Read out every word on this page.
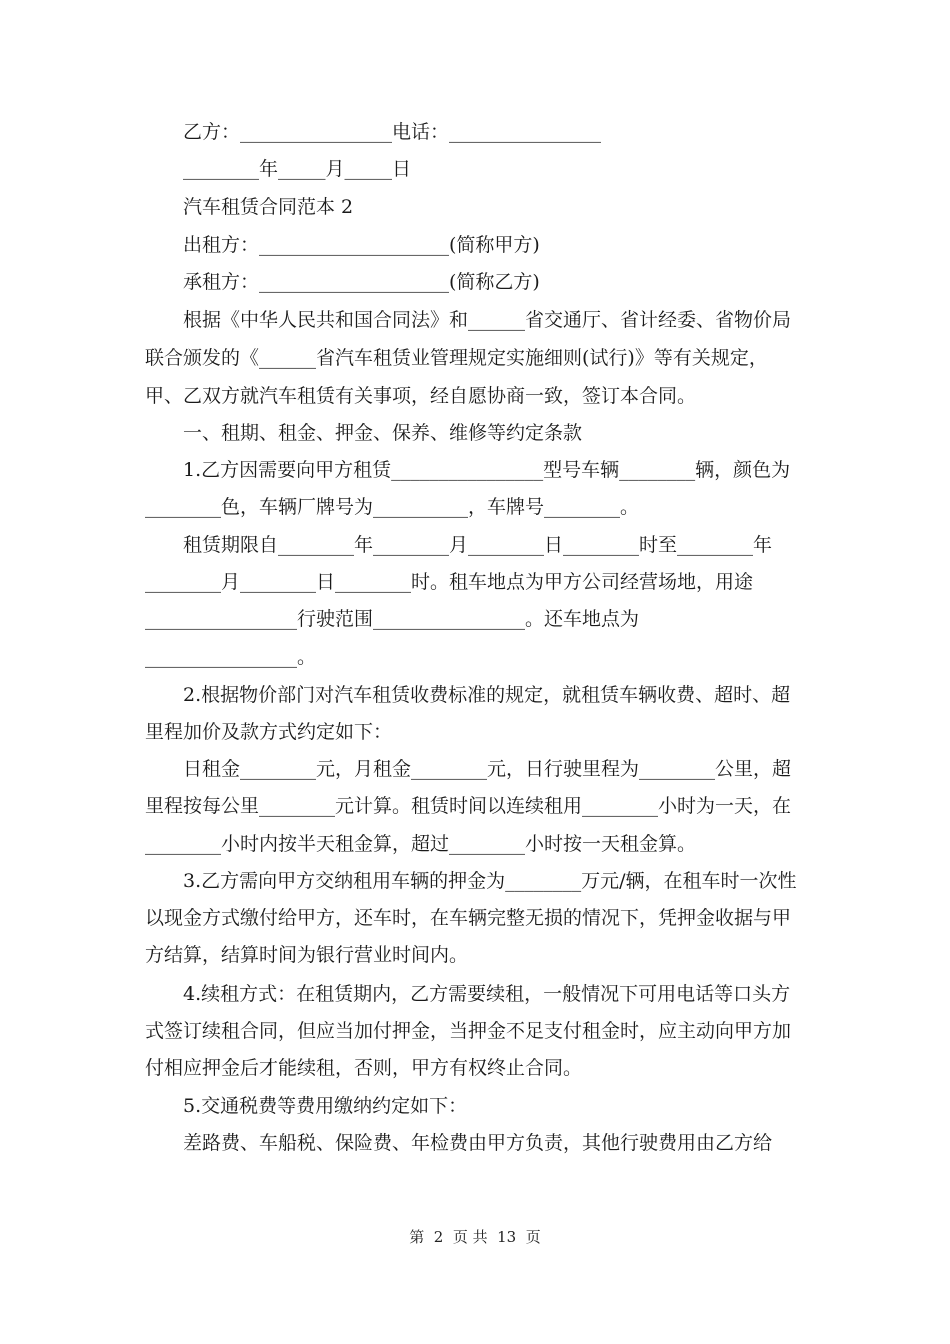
乙方：________________电话：________________
________年_____月_____日
汽车租赁合同范本 2
出租方：____________________(简称甲方)
承租方：____________________(简称乙方)
根据《中华人民共和国合同法》和______省交通厅、省计经委、省物价局
联合颁发的《______省汽车租赁业管理规定实施细则(试行)》等有关规定，
甲、乙双方就汽车租赁有关事项，经自愿协商一致，签订本合同。
一、租期、租金、押金、保养、维修等约定条款
1.乙方因需要向甲方租赁________________型号车辆________辆，颜色为
________色，车辆厂牌号为__________，车牌号________。
租赁期限自________年________月________日________时至________年
________月________日________时。租车地点为甲方公司经营场地，用途
________________行驶范围________________。还车地点为
________________。
2.根据物价部门对汽车租赁收费标准的规定，就租赁车辆收费、超时、超
里程加价及款方式约定如下：
日租金________元，月租金________元，日行驶里程为________公里，超
里程按每公里________元计算。租赁时间以连续租用________小时为一天，在
________小时内按半天租金算，超过________小时按一天租金算。
3.乙方需向甲方交纳租用车辆的押金为________万元/辆，在租车时一次性
以现金方式缴付给甲方，还车时，在车辆完整无损的情况下，凭押金收据与甲
方结算，结算时间为银行营业时间内。
4.续租方式：在租赁期内，乙方需要续租，一般情况下可用电话等口头方
式签订续租合同，但应当加付押金，当押金不足支付租金时，应主动向甲方加
付相应押金后才能续租，否则，甲方有权终止合同。
5.交通税费等费用缴纳约定如下：
差路费、车船税、保险费、年检费由甲方负责，其他行驶费用由乙方给
第  2  页 共  13  页
